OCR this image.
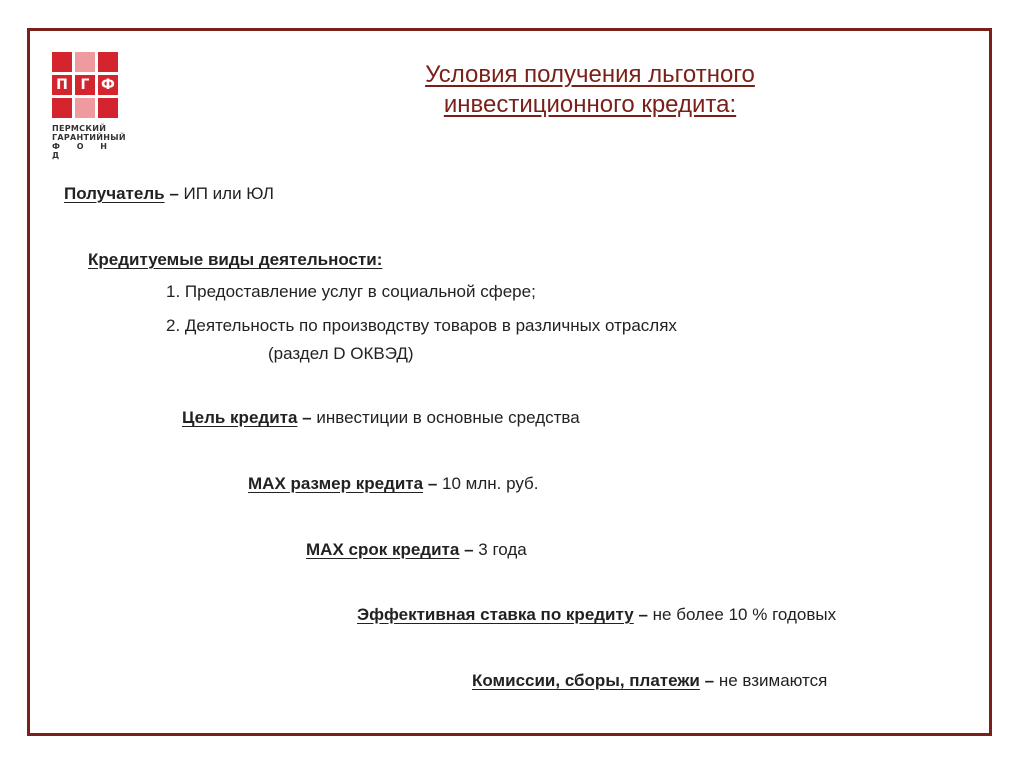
П Г Ф
ПЕРМСКИЙ
ГАРАНТИЙНЫЙ
Ф О Н Д
Условия получения льготного
инвестиционного кредита:
Получатель – ИП или ЮЛ
Кредитуемые виды деятельности:
1. Предоставление услуг в социальной сфере;
2. Деятельность по производству товаров в различных отраслях
(раздел D ОКВЭД)
Цель кредита – инвестиции в основные средства
MAX размер кредита – 10 млн. руб.
MAX срок кредита – 3 года
Эффективная ставка по кредиту – не более 10 % годовых
Комиссии, сборы, платежи – не взимаются
